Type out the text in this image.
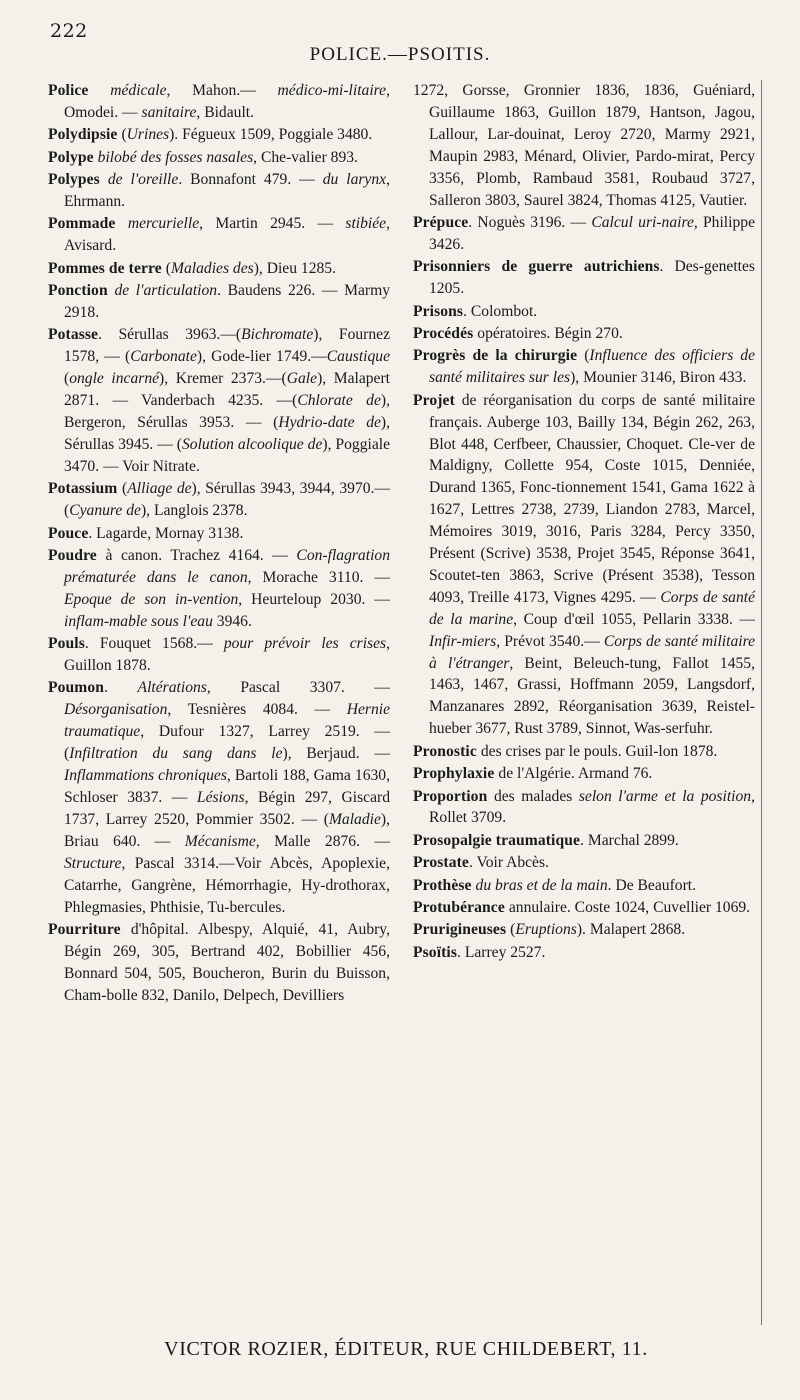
222
POLICE.—PSOITIS.

Police médicale, Mahon.— médico-mi-litaire, Omodei. — sanitaire, Bidault.

Polydipsie (Urines). Fégueux 1509, Poggiale 3480.

Polype bilobé des fosses nasales, Che-valier 893.

Polypes de l'oreille. Bonnafont 479. — du larynx, Ehrmann.

Pommade mercurielle, Martin 2945. — stibiée, Avisard.

Pommes de terre (Maladies des), Dieu 1285.

Ponction de l'articulation. Baudens 226. — Marmy 2918.

Potasse. Sérullas 3963.—(Bichromate), Fournez 1578, — (Carbonate), Gode-lier 1749.—Caustique (ongle incarné), Kremer 2373.—(Gale), Malapert 2871. — Vanderbach 4235. —(Chlorate de), Bergeron, Sérullas 3953. — (Hydrio-date de), Sérullas 3945. — (Solution alcoolique de), Poggiale 3470. — Voir Nitrate.

Potassium (Alliage de), Sérullas 3943, 3944, 3970.— (Cyanure de), Langlois 2378.

Pouce. Lagarde, Mornay 3138.

Poudre à canon. Trachez 4164. — Con-flagration prématurée dans le canon, Morache 3110. — Epoque de son in-vention, Heurteloup 2030. — inflam-mable sous l'eau 3946.

Pouls. Fouquet 1568.— pour prévoir les crises, Guillon 1878.

Poumon. Altérations, Pascal 3307. — Désorganisation, Tesnières 4084. — Hernie traumatique, Dufour 1327, Larrey 2519. — (Infiltration du sang dans le), Berjaud. — Inflammations chroniques, Bartoli 188, Gama 1630, Schloser 3837. — Lésions, Bégin 297, Giscard 1737, Larrey 2520, Pommier 3502. — (Maladie), Briau 640. — Mécanisme, Malle 2876. — Structure, Pascal 3314.—Voir Abcès, Apoplexie, Catarrhe, Gangrène, Hémorrhagie, Hy-drothorax, Phlegmasies, Phthisie, Tu-bercules.

Pourriture d'hôpital. Albespy, Alquié, 41, Aubry, Bégin 269, 305, Bertrand 402, Bobillier 456, Bonnard 504, 505, Boucheron, Burin du Buisson, Cham-bolle 832, Danilo, Delpech, Devilliers

1272, Gorsse, Gronnier 1836, 1836, Guéniard, Guillaume 1863, Guillon 1879, Hantson, Jagou, Lallour, Lar-douinat, Leroy 2720, Marmy 2921, Maupin 2983, Ménard, Olivier, Pardo-mirat, Percy 3356, Plomb, Rambaud 3581, Roubaud 3727, Salleron 3803, Saurel 3824, Thomas 4125, Vautier.

Prépuce. Noguès 3196. — Calcul uri-naire, Philippe 3426.

Prisonniers de guerre autrichiens. Des-genettes 1205.

Prisons. Colombot.

Procédés opératoires. Bégin 270.

Progrès de la chirurgie (Influence des officiers de santé militaires sur les), Mounier 3146, Biron 433.

Projet de réorganisation du corps de santé militaire français. Auberge 103, Bailly 134, Bégin 262, 263, Blot 448, Cerfbeer, Chaussier, Choquet. Cle-ver de Maldigny, Collette 954, Coste 1015, Denniée, Durand 1365, Fonc-tionnement 1541, Gama 1622 à 1627, Lettres 2738, 2739, Liandon 2783, Marcel, Mémoires 3019, 3016, Paris 3284, Percy 3350, Présent (Scrive) 3538, Projet 3545, Réponse 3641, Scoutet-ten 3863, Scrive (Présent 3538), Tesson 4093, Treille 4173, Vignes 4295. — Corps de santé de la marine, Coup d'œil 1055, Pellarin 3338. — Infir-miers, Prévot 3540.— Corps de santé militaire à l'étranger, Beint, Beleuch-tung, Fallot 1455, 1463, 1467, Grassi, Hoffmann 2059, Langsdorf, Manzanares 2892, Réorganisation 3639, Reistel-hueber 3677, Rust 3789, Sinnot, Was-serfuhr.

Pronostic des crises par le pouls. Guil-lon 1878.

Prophylaxie de l'Algérie. Armand 76.

Proportion des malades selon l'arme et la position, Rollet 3709.

Prosopalgie traumatique. Marchal 2899.

Prostate. Voir Abcès.

Prothèse du bras et de la main. De Beaufort.

Protubérance annulaire. Coste 1024, Cuvellier 1069.

Prurigineuses (Eruptions). Malapert 2868.

Psoïtis. Larrey 2527.

VICTOR ROZIER, ÉDITEUR, RUE CHILDEBERT, 11.
